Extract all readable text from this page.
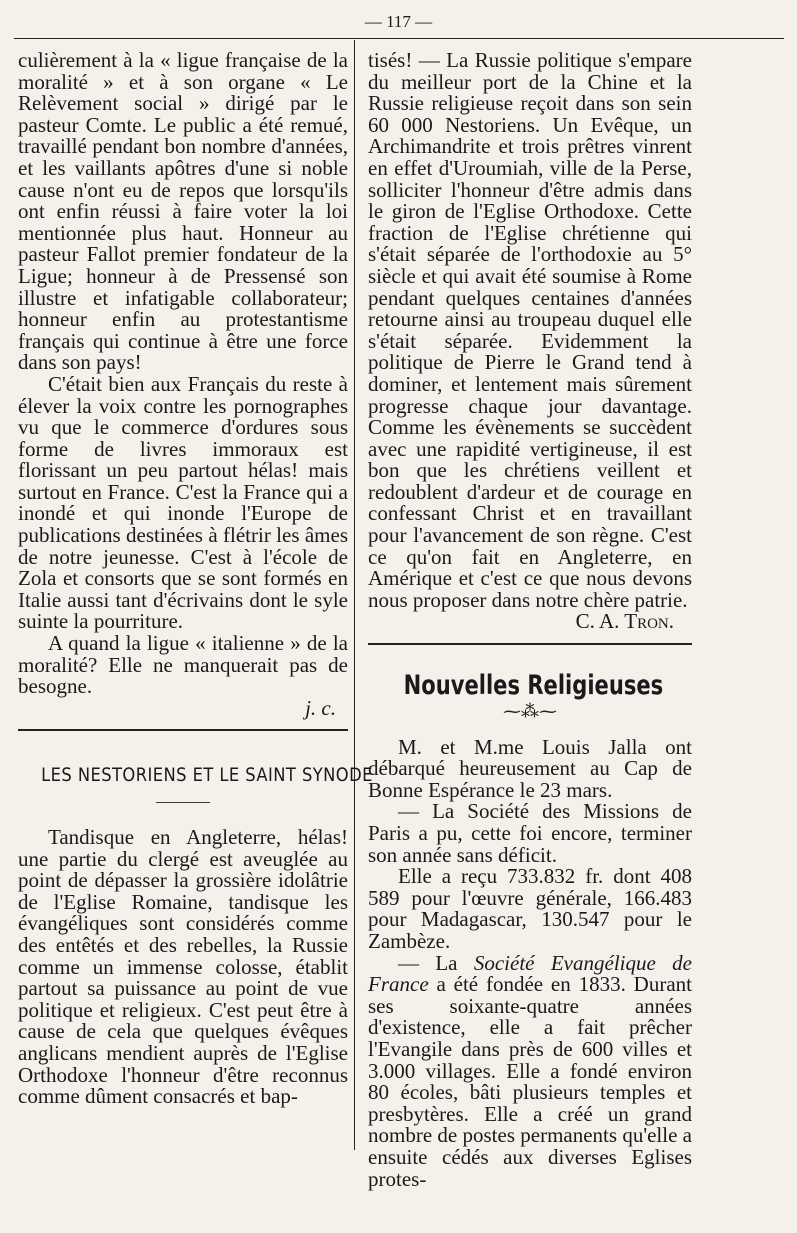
— 117 —

culièrement à la « ligue française de la moralité » et à son organe « Le Relèvement social » dirigé par le pasteur Comte. Le public a été remué, travaillé pendant bon nombre d'années, et les vaillants apôtres d'une si noble cause n'ont eu de repos que lorsqu'ils ont enfin réussi à faire voter la loi mentionnée plus haut. Honneur au pasteur Fallot premier fondateur de la Ligue; honneur à de Pressensé son illustre et infatigable collaborateur; honneur enfin au protestantisme français qui continue à être une force dans son pays!

C'était bien aux Français du reste à élever la voix contre les pornographes vu que le commerce d'ordures sous forme de livres immoraux est florissant un peu partout hélas! mais surtout en France. C'est la France qui a inondé et qui inonde l'Europe de publications destinées à flétrir les âmes de notre jeunesse. C'est à l'école de Zola et consorts que se sont formés en Italie aussi tant d'écrivains dont le syle suinte la pourriture.

A quand la ligue « italienne » de la moralité? Elle ne manquerait pas de besogne.

j. c.

LES NESTORIENS ET LE SAINT SYNODE
———

Tandisque en Angleterre, hélas! une partie du clergé est aveuglée au point de dépasser la grossière idolâtrie de l'Eglise Romaine, tandisque les évangéliques sont considérés comme des entêtés et des rebelles, la Russie comme un immense colosse, établit partout sa puissance au point de vue politique et religieux. C'est peut être à cause de cela que quelques évêques anglicans mendient auprès de l'Eglise Orthodoxe l'honneur d'être reconnus comme dûment consacrés et bap-

tisés! — La Russie politique s'empare du meilleur port de la Chine et la Russie religieuse reçoit dans son sein 60 000 Nestoriens. Un Evêque, un Archimandrite et trois prêtres vinrent en effet d'Uroumiah, ville de la Perse, solliciter l'honneur d'être admis dans le giron de l'Eglise Orthodoxe. Cette fraction de l'Eglise chrétienne qui s'était séparée de l'orthodoxie au 5° siècle et qui avait été soumise à Rome pendant quelques centaines d'années retourne ainsi au troupeau duquel elle s'était séparée. Evidemment la politique de Pierre le Grand tend à dominer, et lentement mais sûrement progresse chaque jour davantage. Comme les évènements se succèdent avec une rapidité vertigineuse, il est bon que les chrétiens veillent et redoublent d'ardeur et de courage en confessant Christ et en travaillant pour l'avancement de son règne. C'est ce qu'on fait en Angleterre, en Amérique et c'est ce que nous devons nous proposer dans notre chère patrie.

C. A. Tron.

Nouvelles Religieuses
⁓⁂⁓

M. et M.me Louis Jalla ont débarqué heureusement au Cap de Bonne Espérance le 23 mars.

— La Société des Missions de Paris a pu, cette foi encore, terminer son année sans déficit.

Elle a reçu 733.832 fr. dont 408 589 pour l'œuvre générale, 166.483 pour Madagascar, 130.547 pour le Zambèze.

— La Société Evangélique de France a été fondée en 1833. Durant ses soixante-quatre années d'existence, elle a fait prêcher l'Evangile dans près de 600 villes et 3.000 villages. Elle a fondé environ 80 écoles, bâti plusieurs temples et presbytères. Elle a créé un grand nombre de postes permanents qu'elle a ensuite cédés aux diverses Eglises protes-
